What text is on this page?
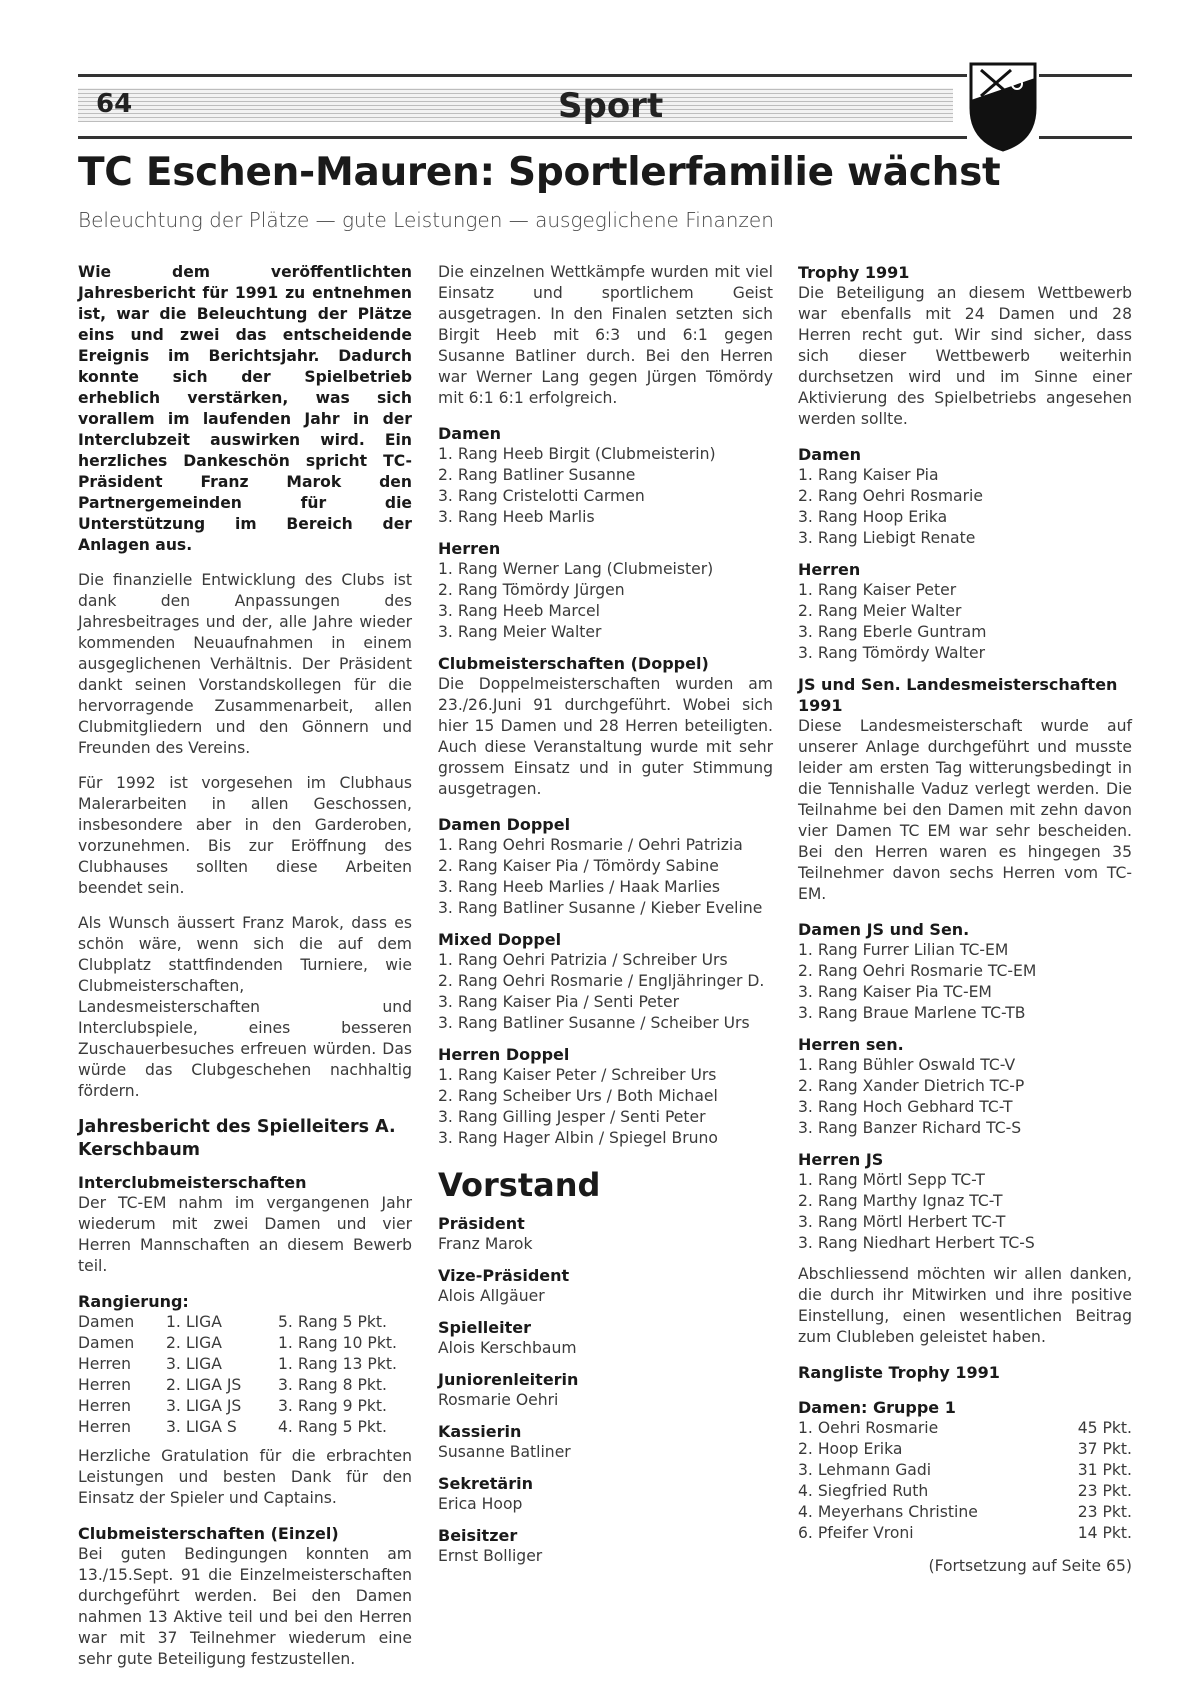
64	Sport
TC Eschen-Mauren: Sportlerfamilie wächst
Beleuchtung der Plätze — gute Leistungen — ausgeglichene Finanzen

Wie dem veröffentlichten Jahresbericht für 1991 zu entnehmen ist, war die Beleuchtung der Plätze eins und zwei das entscheidende Ereignis im Berichtsjahr. Dadurch konnte sich der Spielbetrieb erheblich verstärken, was sich vorallem im laufenden Jahr in der Interclubzeit auswirken wird. Ein herzliches Dankeschön spricht TC-Präsident Franz Marok den Partnergemeinden für die Unterstützung im Bereich der Anlagen aus.

Die finanzielle Entwicklung des Clubs ist dank den Anpassungen des Jahresbeitrages und der, alle Jahre wieder kommenden Neuaufnahmen in einem ausgeglichenen Verhältnis. Der Präsident dankt seinen Vorstandskollegen für die hervorragende Zusammenarbeit, allen Clubmitgliedern und den Gönnern und Freunden des Vereins.

Für 1992 ist vorgesehen im Clubhaus Malerarbeiten in allen Geschossen, insbesondere aber in den Garderoben, vorzunehmen. Bis zur Eröffnung des Clubhauses sollten diese Arbeiten beendet sein.

Als Wunsch äussert Franz Marok, dass es schön wäre, wenn sich die auf dem Clubplatz stattfindenden Turniere, wie Clubmeisterschaften, Landesmeisterschaften und Interclubspiele, eines besseren Zuschauerbesuches erfreuen würden. Das würde das Clubgeschehen nachhaltig fördern.

Jahresbericht des Spielleiters A. Kerschbaum
Interclubmeisterschaften

Der TC-EM nahm im vergangenen Jahr wiederum mit zwei Damen und vier Herren Mannschaften an diesem Bewerb teil.

Rangierung:
Damen	1. LIGA	5. Rang 5 Pkt.
Damen	2. LIGA	1. Rang 10 Pkt.
Herren	3. LIGA	1. Rang 13 Pkt.
Herren	2. LIGA JS	3. Rang 8 Pkt.
Herren	3. LIGA JS	3. Rang 9 Pkt.
Herren	3. LIGA S	4. Rang 5 Pkt.

Herzliche Gratulation für die erbrachten Leistungen und besten Dank für den Einsatz der Spieler und Captains.

Clubmeisterschaften (Einzel)

Bei guten Bedingungen konnten am 13./15.Sept. 91 die Einzelmeisterschaften durchgeführt werden. Bei den Damen nahmen 13 Aktive teil und bei den Herren war mit 37 Teilnehmer wiederum eine sehr gute Beteiligung festzustellen.

Die einzelnen Wettkämpfe wurden mit viel Einsatz und sportlichem Geist ausgetragen. In den Finalen setzten sich Birgit Heeb mit 6:3 und 6:1 gegen Susanne Batliner durch. Bei den Herren war Werner Lang gegen Jürgen Tömördy mit 6:1 6:1 erfolgreich.

Damen
1. Rang Heeb Birgit (Clubmeisterin)
2. Rang Batliner Susanne
3. Rang Cristelotti Carmen
3. Rang Heeb Marlis
Herren
1. Rang Werner Lang (Clubmeister)
2. Rang Tömördy Jürgen
3. Rang Heeb Marcel
3. Rang Meier Walter
Clubmeisterschaften (Doppel)

Die Doppelmeisterschaften wurden am 23./26.Juni 91 durchgeführt. Wobei sich hier 15 Damen und 28 Herren beteiligten. Auch diese Veranstaltung wurde mit sehr grossem Einsatz und in guter Stimmung ausgetragen.

Damen Doppel
1. Rang Oehri Rosmarie / Oehri Patrizia
2. Rang Kaiser Pia / Tömördy Sabine
3. Rang Heeb Marlies / Haak Marlies
3. Rang Batliner Susanne / Kieber Eveline
Mixed Doppel
1. Rang Oehri Patrizia / Schreiber Urs
2. Rang Oehri Rosmarie / Engljähringer D.
3. Rang Kaiser Pia / Senti Peter
3. Rang Batliner Susanne / Scheiber Urs
Herren Doppel
1. Rang Kaiser Peter / Schreiber Urs
2. Rang Scheiber Urs / Both Michael
3. Rang Gilling Jesper / Senti Peter
3. Rang Hager Albin / Spiegel Bruno
Vorstand
Präsident
Franz Marok
Vize-Präsident
Alois Allgäuer
Spielleiter
Alois Kerschbaum
Juniorenleiterin
Rosmarie Oehri
Kassierin
Susanne Batliner
Sekretärin
Erica Hoop
Beisitzer
Ernst Bolliger
Trophy 1991

Die Beteiligung an diesem Wettbewerb war ebenfalls mit 24 Damen und 28 Herren recht gut. Wir sind sicher, dass sich dieser Wettbewerb weiterhin durchsetzen wird und im Sinne einer Aktivierung des Spielbetriebs angesehen werden sollte.

Damen
1. Rang Kaiser Pia
2. Rang Oehri Rosmarie
3. Rang Hoop Erika
3. Rang Liebigt Renate
Herren
1. Rang Kaiser Peter
2. Rang Meier Walter
3. Rang Eberle Guntram
3. Rang Tömördy Walter
JS und Sen. Landesmeisterschaften 1991

Diese Landesmeisterschaft wurde auf unserer Anlage durchgeführt und musste leider am ersten Tag witterungsbedingt in die Tennishalle Vaduz verlegt werden. Die Teilnahme bei den Damen mit zehn davon vier Damen TC EM war sehr bescheiden. Bei den Herren waren es hingegen 35 Teilnehmer davon sechs Herren vom TC-EM.

Damen JS und Sen.
1. Rang Furrer Lilian TC-EM
2. Rang Oehri Rosmarie TC-EM
3. Rang Kaiser Pia TC-EM
3. Rang Braue Marlene TC-TB
Herren sen.
1. Rang Bühler Oswald TC-V
2. Rang Xander Dietrich TC-P
3. Rang Hoch Gebhard TC-T
3. Rang Banzer Richard TC-S
Herren JS
1. Rang Mörtl Sepp TC-T
2. Rang Marthy Ignaz TC-T
3. Rang Mörtl Herbert TC-T
3. Rang Niedhart Herbert TC-S

Abschliessend möchten wir allen danken, die durch ihr Mitwirken und ihre positive Einstellung, einen wesentlichen Beitrag zum Clubleben geleistet haben.

Rangliste Trophy 1991
Damen: Gruppe 1
1. Oehri Rosmarie	45 Pkt.
2. Hoop Erika	37 Pkt.
3. Lehmann Gadi	31 Pkt.
4. Siegfried Ruth	23 Pkt.
4. Meyerhans Christine	23 Pkt.
6. Pfeifer Vroni	14 Pkt.
(Fortsetzung auf Seite 65)
